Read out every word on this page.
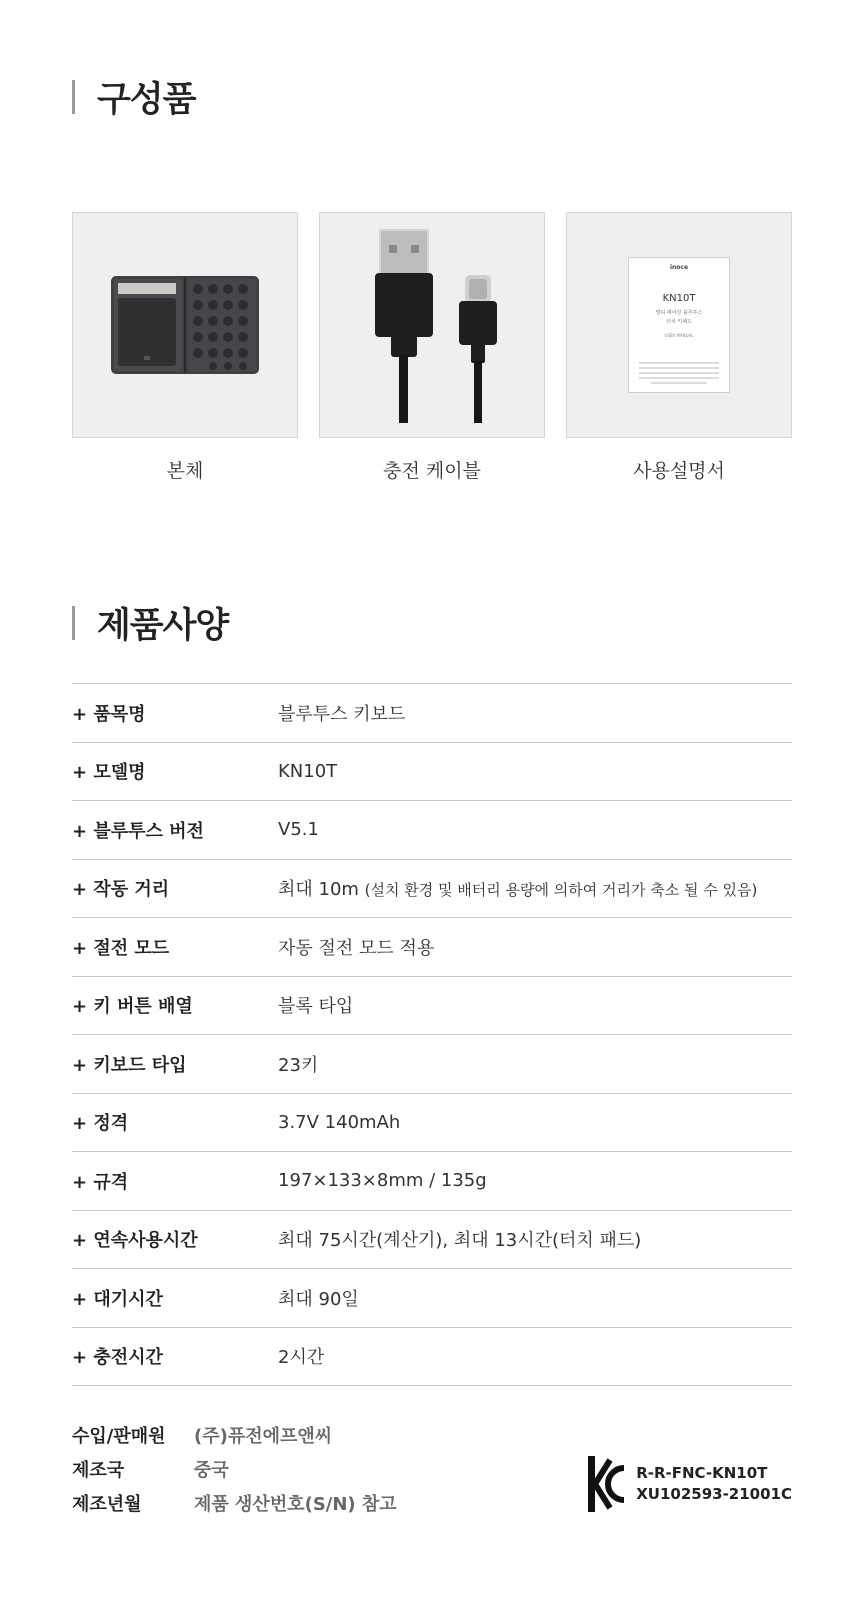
구성품
본체	충전 케이블
inoce
KN10T
멀티 페어링 블루투스
터치 키패드
USER MANUAL
사용설명서
제품사양
+ 품목명	블루투스 키보드
+ 모델명	KN10T
+ 블루투스 버전	V5.1
+ 작동 거리	최대 10m (설치 환경 및 배터리 용량에 의하여 거리가 축소 될 수 있음)
+ 절전 모드	자동 절전 모드 적용
+ 키 버튼 배열	블록 타입
+ 키보드 타입	23키
+ 정격	3.7V 140mAh
+ 규격	197×133×8mm / 135g
+ 연속사용시간	최대 75시간(계산기), 최대 13시간(터치 패드)
+ 대기시간	최대 90일
+ 충전시간	2시간
수입/판매원	(주)퓨전에프앤씨
제조국	중국
제조년월	제품 생산번호(S/N) 참고
R-R-FNC-KN10T
XU102593-21001C
